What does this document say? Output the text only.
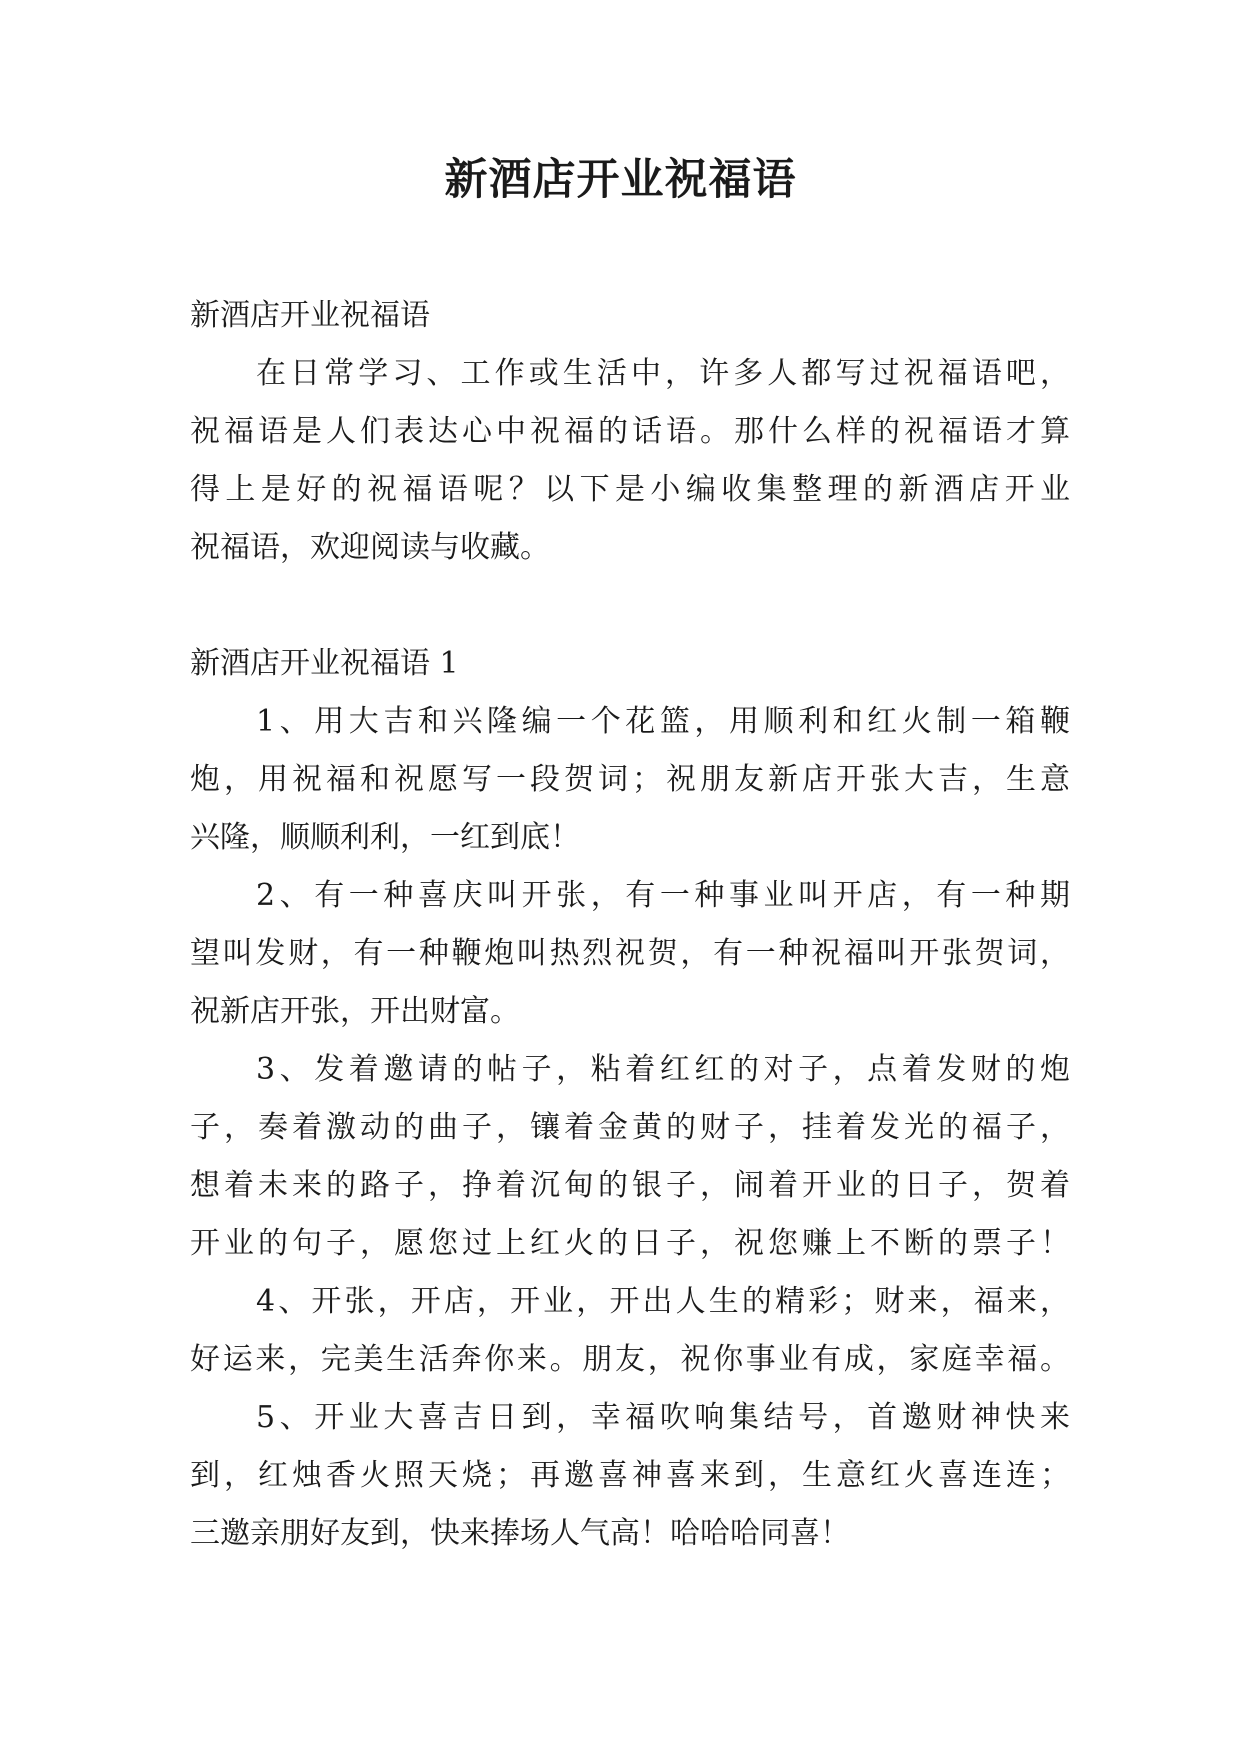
新酒店开业祝福语
新酒店开业祝福语
在日常学习、工作或生活中，许多人都写过祝福语吧，
祝福语是人们表达心中祝福的话语。那什么样的祝福语才算
得上是好的祝福语呢？以下是小编收集整理的新酒店开业
祝福语，欢迎阅读与收藏。
新酒店开业祝福语 1
1、用大吉和兴隆编一个花篮，用顺利和红火制一箱鞭
炮，用祝福和祝愿写一段贺词；祝朋友新店开张大吉，生意
兴隆，顺顺利利，一红到底！
2、有一种喜庆叫开张，有一种事业叫开店，有一种期
望叫发财，有一种鞭炮叫热烈祝贺，有一种祝福叫开张贺词，
祝新店开张，开出财富。
3、发着邀请的帖子，粘着红红的对子，点着发财的炮
子，奏着激动的曲子，镶着金黄的财子，挂着发光的福子，
想着未来的路子，挣着沉甸的银子，闹着开业的日子，贺着
开业的句子，愿您过上红火的日子，祝您赚上不断的票子！
4、开张，开店，开业，开出人生的精彩；财来，福来，
好运来，完美生活奔你来。朋友，祝你事业有成，家庭幸福。
5、开业大喜吉日到，幸福吹响集结号，首邀财神快来
到，红烛香火照天烧；再邀喜神喜来到，生意红火喜连连；
三邀亲朋好友到，快来捧场人气高！哈哈哈同喜！
